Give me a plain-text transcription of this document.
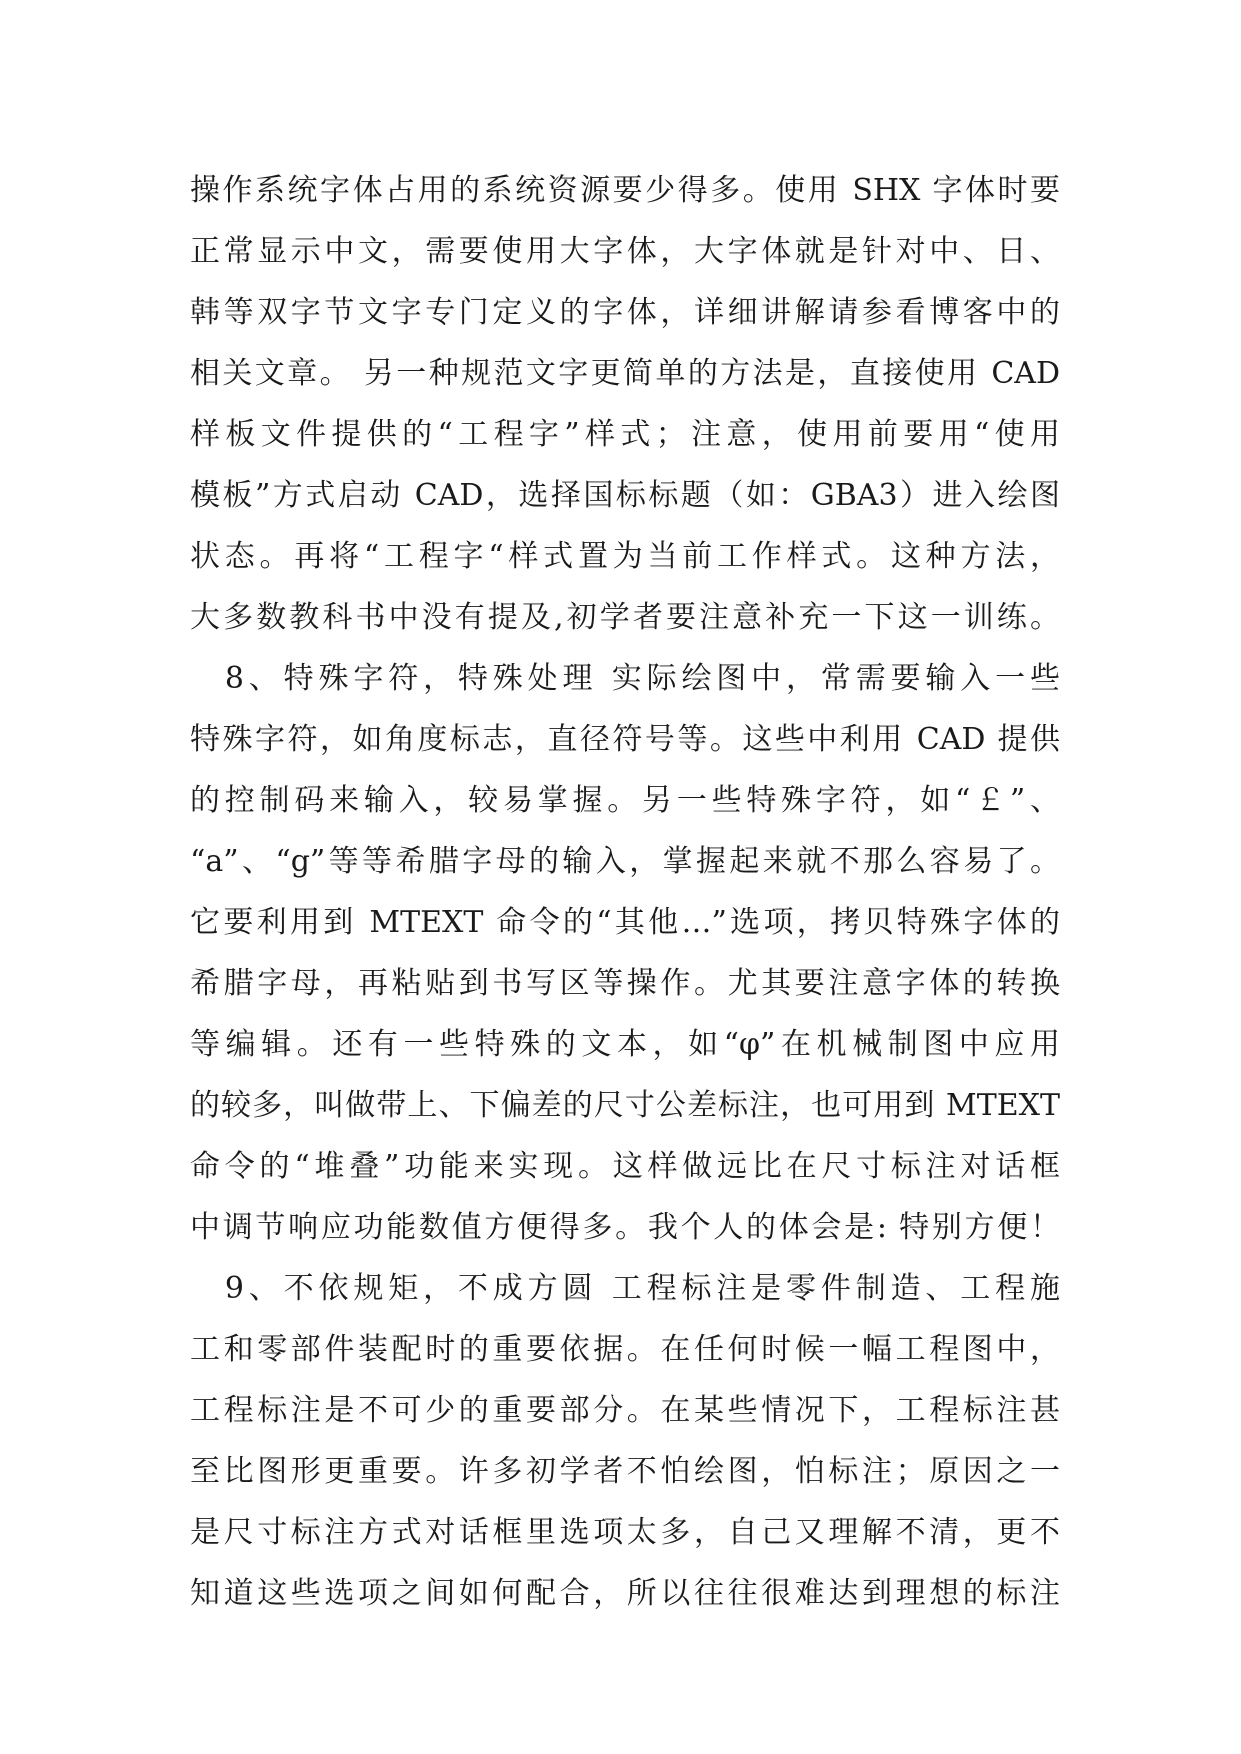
操作系统字体占用的系统资源要少得多。使用 SHX 字体时要
正常显示中文，需要使用大字体，大字体就是针对中、日、
韩等双字节文字专门定义的字体，详细讲解请参看博客中的
相关文章。 另一种规范文字更简单的方法是，直接使用 CAD
样板文件提供的“工程字”样式；注意，使用前要用“使用
模板”方式启动 CAD，选择国标标题（如：GBA3）进入绘图
状态。再将“工程字“样式置为当前工作样式。这种方法，
大多数教科书中没有提及,初学者要注意补充一下这一训练。
　8、特殊字符，特殊处理 实际绘图中，常需要输入一些
特殊字符，如角度标志，直径符号等。这些中利用 CAD 提供
的控制码来输入，较易掌握。另一些特殊字符，如“￡”、
“a”、“g”等等希腊字母的输入，掌握起来就不那么容易了。
它要利用到 MTEXT 命令的“其他…”选项，拷贝特殊字体的
希腊字母，再粘贴到书写区等操作。尤其要注意字体的转换
等编辑。还有一些特殊的文本，如“φ”在机械制图中应用
的较多，叫做带上、下偏差的尺寸公差标注，也可用到 MTEXT
命令的“堆叠”功能来实现。这样做远比在尺寸标注对话框
中调节响应功能数值方便得多。我个人的体会是: 特别方便！
　9、不依规矩，不成方圆 工程标注是零件制造、工程施
工和零部件装配时的重要依据。在任何时候一幅工程图中，
工程标注是不可少的重要部分。在某些情况下，工程标注甚
至比图形更重要。许多初学者不怕绘图，怕标注；原因之一
是尺寸标注方式对话框里选项太多，自己又理解不清，更不
知道这些选项之间如何配合，所以往往很难达到理想的标注
